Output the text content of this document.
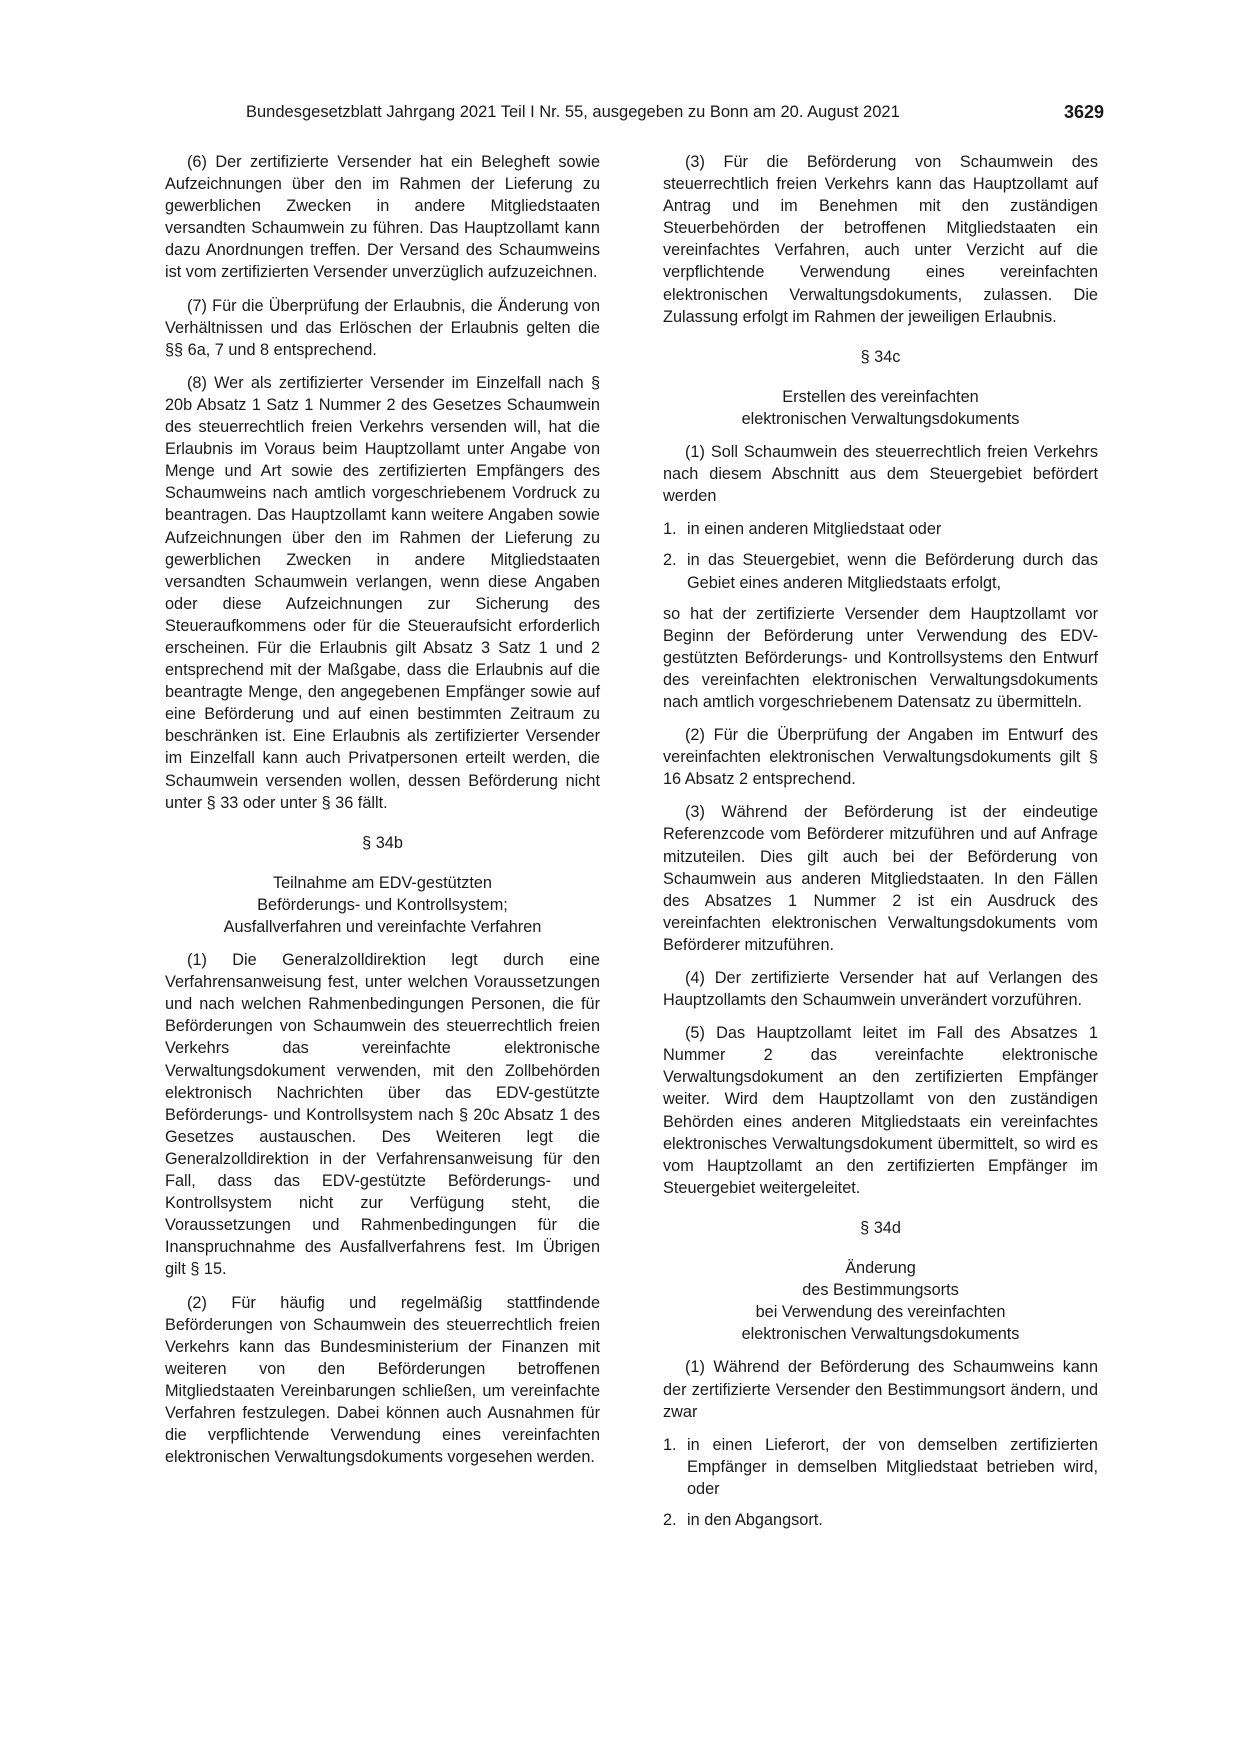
Bundesgesetzblatt Jahrgang 2021 Teil I Nr. 55, ausgegeben zu Bonn am 20. August 2021	3629

(6) Der zertifizierte Versender hat ein Belegheft sowie Aufzeichnungen über den im Rahmen der Lieferung zu gewerblichen Zwecken in andere Mitgliedstaaten versandten Schaumwein zu führen. Das Hauptzollamt kann dazu Anordnungen treffen. Der Versand des Schaumweins ist vom zertifizierten Versender unverzüglich aufzuzeichnen.

(7) Für die Überprüfung der Erlaubnis, die Änderung von Verhältnissen und das Erlöschen der Erlaubnis gelten die §§ 6a, 7 und 8 entsprechend.

(8) Wer als zertifizierter Versender im Einzelfall nach § 20b Absatz 1 Satz 1 Nummer 2 des Gesetzes Schaumwein des steuerrechtlich freien Verkehrs versenden will, hat die Erlaubnis im Voraus beim Hauptzollamt unter Angabe von Menge und Art sowie des zertifizierten Empfängers des Schaumweins nach amtlich vorgeschriebenem Vordruck zu beantragen. Das Hauptzollamt kann weitere Angaben sowie Aufzeichnungen über den im Rahmen der Lieferung zu gewerblichen Zwecken in andere Mitgliedstaaten versandten Schaumwein verlangen, wenn diese Angaben oder diese Aufzeichnungen zur Sicherung des Steueraufkommens oder für die Steueraufsicht erforderlich erscheinen. Für die Erlaubnis gilt Absatz 3 Satz 1 und 2 entsprechend mit der Maßgabe, dass die Erlaubnis auf die beantragte Menge, den angegebenen Empfänger sowie auf eine Beförderung und auf einen bestimmten Zeitraum zu beschränken ist. Eine Erlaubnis als zertifizierter Versender im Einzelfall kann auch Privatpersonen erteilt werden, die Schaumwein versenden wollen, dessen Beförderung nicht unter § 33 oder unter § 36 fällt.

§ 34b

Teilnahme am EDV-gestützten
Beförderungs- und Kontrollsystem;
Ausfallverfahren und vereinfachte Verfahren

(1) Die Generalzolldirektion legt durch eine Verfahrensanweisung fest, unter welchen Voraussetzungen und nach welchen Rahmenbedingungen Personen, die für Beförderungen von Schaumwein des steuerrechtlich freien Verkehrs das vereinfachte elektronische Verwaltungsdokument verwenden, mit den Zollbehörden elektronisch Nachrichten über das EDV-gestützte Beförderungs- und Kontrollsystem nach § 20c Absatz 1 des Gesetzes austauschen. Des Weiteren legt die Generalzolldirektion in der Verfahrensanweisung für den Fall, dass das EDV-gestützte Beförderungs- und Kontrollsystem nicht zur Verfügung steht, die Voraussetzungen und Rahmenbedingungen für die Inanspruchnahme des Ausfallverfahrens fest. Im Übrigen gilt § 15.

(2) Für häufig und regelmäßig stattfindende Beförderungen von Schaumwein des steuerrechtlich freien Verkehrs kann das Bundesministerium der Finanzen mit weiteren von den Beförderungen betroffenen Mitgliedstaaten Vereinbarungen schließen, um vereinfachte Verfahren festzulegen. Dabei können auch Ausnahmen für die verpflichtende Verwendung eines vereinfachten elektronischen Verwaltungsdokuments vorgesehen werden.

(3) Für die Beförderung von Schaumwein des steuerrechtlich freien Verkehrs kann das Hauptzollamt auf Antrag und im Benehmen mit den zuständigen Steuerbehörden der betroffenen Mitgliedstaaten ein vereinfachtes Verfahren, auch unter Verzicht auf die verpflichtende Verwendung eines vereinfachten elektronischen Verwaltungsdokuments, zulassen. Die Zulassung erfolgt im Rahmen der jeweiligen Erlaubnis.

§ 34c

Erstellen des vereinfachten
elektronischen Verwaltungsdokuments

(1) Soll Schaumwein des steuerrechtlich freien Verkehrs nach diesem Abschnitt aus dem Steuergebiet befördert werden

1. in einen anderen Mitgliedstaat oder
2. in das Steuergebiet, wenn die Beförderung durch das Gebiet eines anderen Mitgliedstaats erfolgt,

so hat der zertifizierte Versender dem Hauptzollamt vor Beginn der Beförderung unter Verwendung des EDV-gestützten Beförderungs- und Kontrollsystems den Entwurf des vereinfachten elektronischen Verwaltungsdokuments nach amtlich vorgeschriebenem Datensatz zu übermitteln.

(2) Für die Überprüfung der Angaben im Entwurf des vereinfachten elektronischen Verwaltungsdokuments gilt § 16 Absatz 2 entsprechend.

(3) Während der Beförderung ist der eindeutige Referenzcode vom Beförderer mitzuführen und auf Anfrage mitzuteilen. Dies gilt auch bei der Beförderung von Schaumwein aus anderen Mitgliedstaaten. In den Fällen des Absatzes 1 Nummer 2 ist ein Ausdruck des vereinfachten elektronischen Verwaltungsdokuments vom Beförderer mitzuführen.

(4) Der zertifizierte Versender hat auf Verlangen des Hauptzollamts den Schaumwein unverändert vorzuführen.

(5) Das Hauptzollamt leitet im Fall des Absatzes 1 Nummer 2 das vereinfachte elektronische Verwaltungsdokument an den zertifizierten Empfänger weiter. Wird dem Hauptzollamt von den zuständigen Behörden eines anderen Mitgliedstaats ein vereinfachtes elektronisches Verwaltungsdokument übermittelt, so wird es vom Hauptzollamt an den zertifizierten Empfänger im Steuergebiet weitergeleitet.

§ 34d

Änderung
des Bestimmungsorts
bei Verwendung des vereinfachten
elektronischen Verwaltungsdokuments

(1) Während der Beförderung des Schaumweins kann der zertifizierte Versender den Bestimmungsort ändern, und zwar

1. in einen Lieferort, der von demselben zertifizierten Empfänger in demselben Mitgliedstaat betrieben wird, oder
2. in den Abgangsort.
